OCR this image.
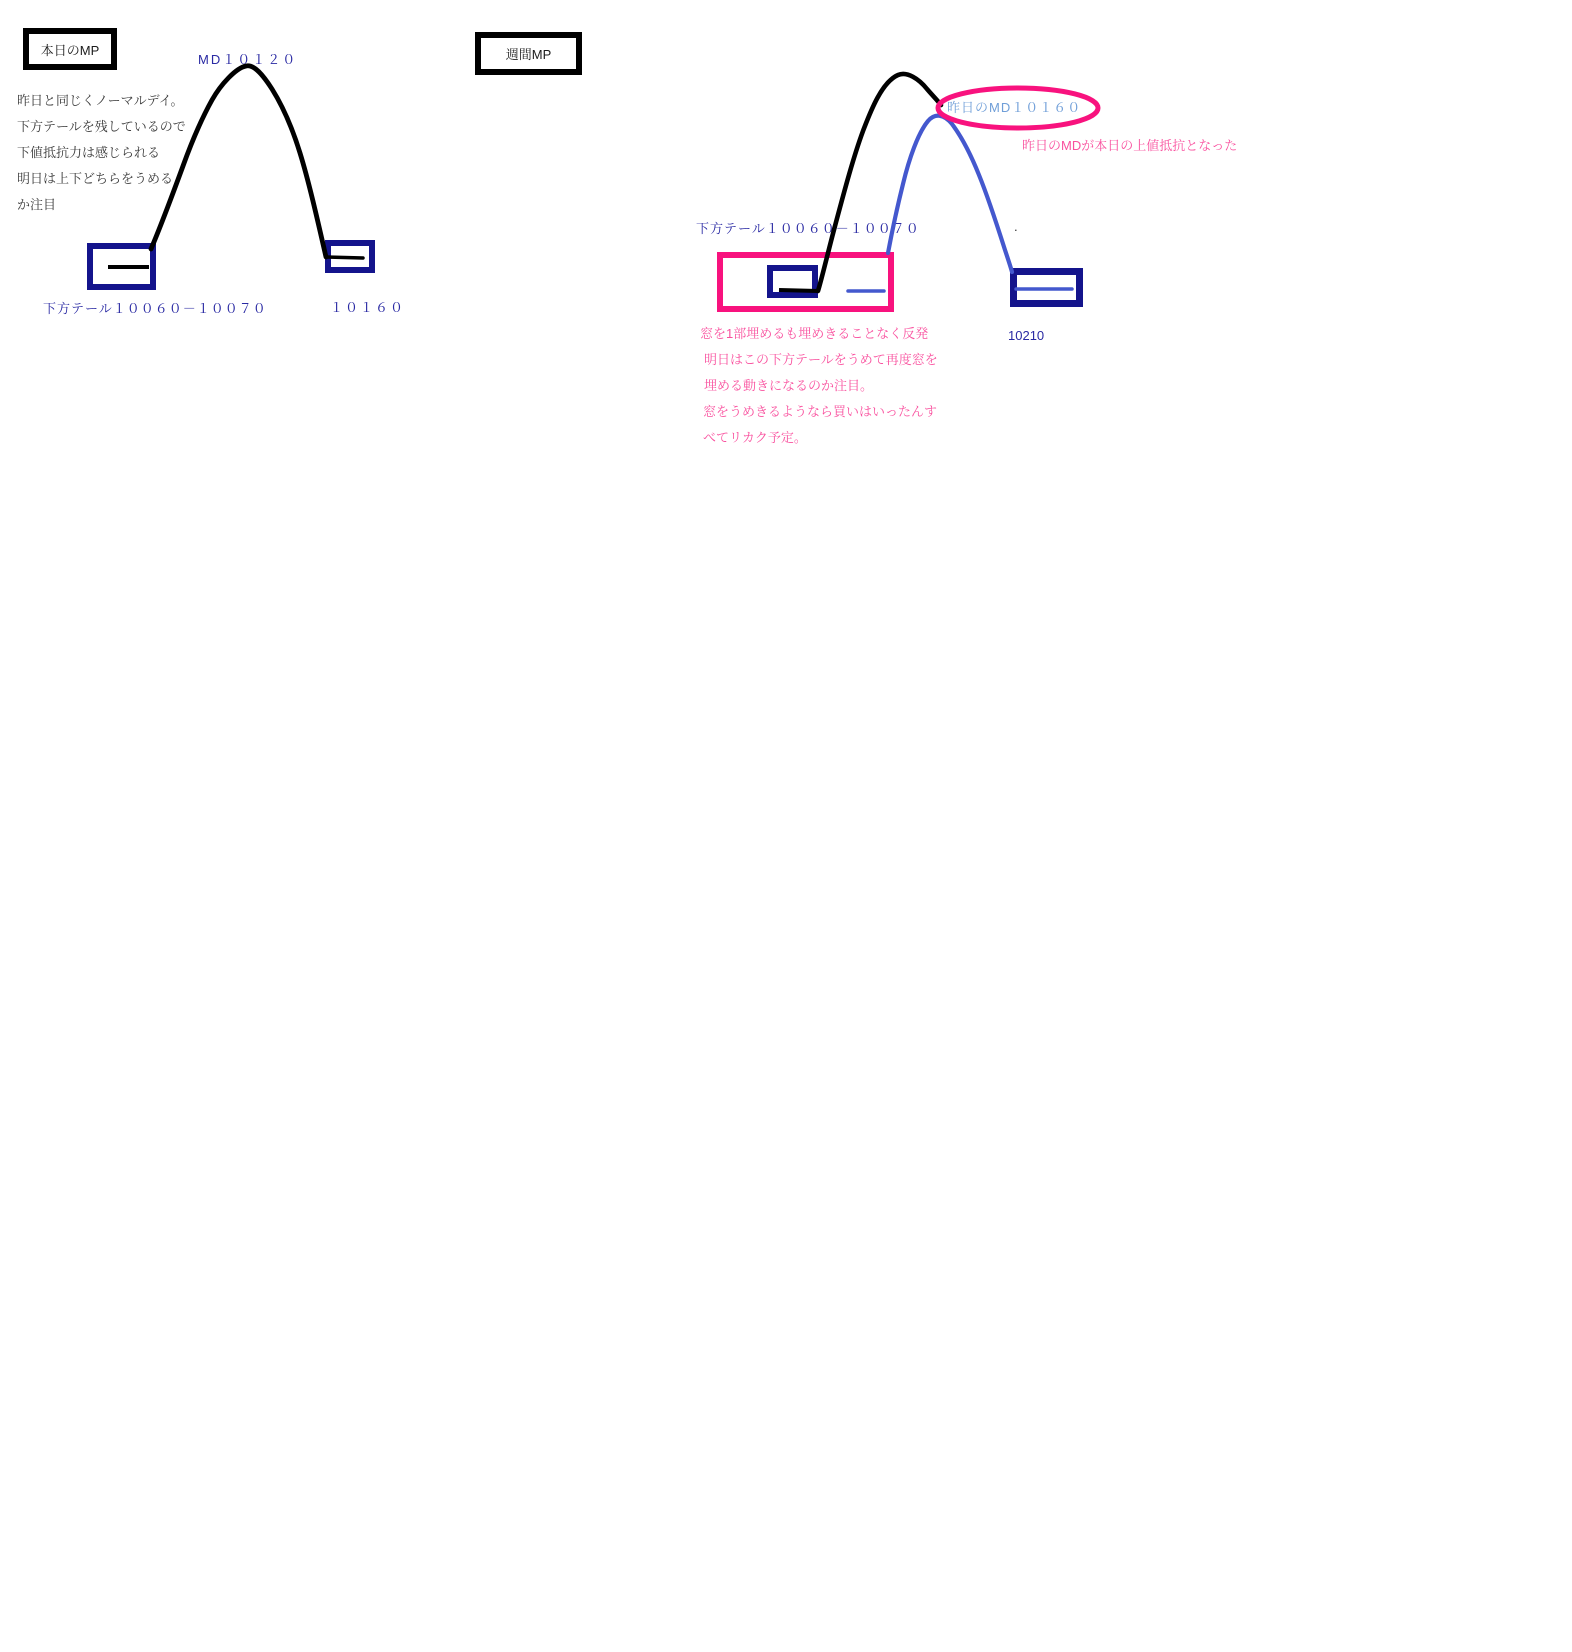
本日のMP
MD１０１２０
昨日と同じくノーマルデイ。
下方テールを残しているので
下値抵抗力は感じられる
明日は上下どちらをうめる
か注目
下方テール１００６０－１００７０	１０１６０
週間MP
昨日のMD１０１６０
昨日のMDが本日の上値抵抗となった
下方テール１００６０－１００７０	.
10210
窓を1部埋めるも埋めきることなく反発
明日はこの下方テールをうめて再度窓を
埋める動きになるのか注目。
窓をうめきるようなら買いはいったんす
べてリカク予定。
